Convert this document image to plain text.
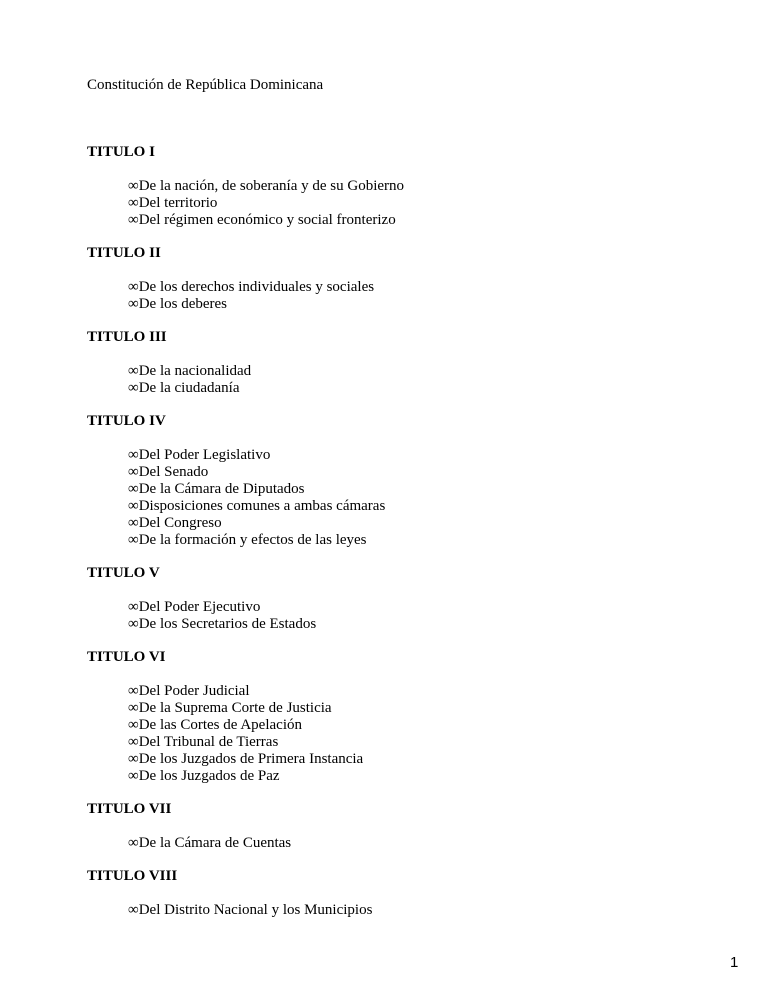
Constitución de República Dominicana
TITULO I
∞De la nación, de soberanía y de su Gobierno
∞Del territorio
∞Del régimen económico y social fronterizo
TITULO II
∞De los derechos individuales y sociales
∞De los deberes
TITULO III
∞De la nacionalidad
∞De la ciudadanía
TITULO IV
∞Del Poder Legislativo
∞Del Senado
∞De la Cámara de Diputados
∞Disposiciones comunes a ambas cámaras
∞Del Congreso
∞De la formación y efectos de las leyes
TITULO V
∞Del Poder Ejecutivo
∞De los Secretarios de Estados
TITULO VI
∞Del Poder Judicial
∞De la Suprema Corte de Justicia
∞De las Cortes de Apelación
∞Del Tribunal de Tierras
∞De los Juzgados de Primera Instancia
∞De los Juzgados de Paz
TITULO VII
∞De la Cámara de Cuentas
TITULO VIII
∞Del Distrito Nacional y los Municipios
1
